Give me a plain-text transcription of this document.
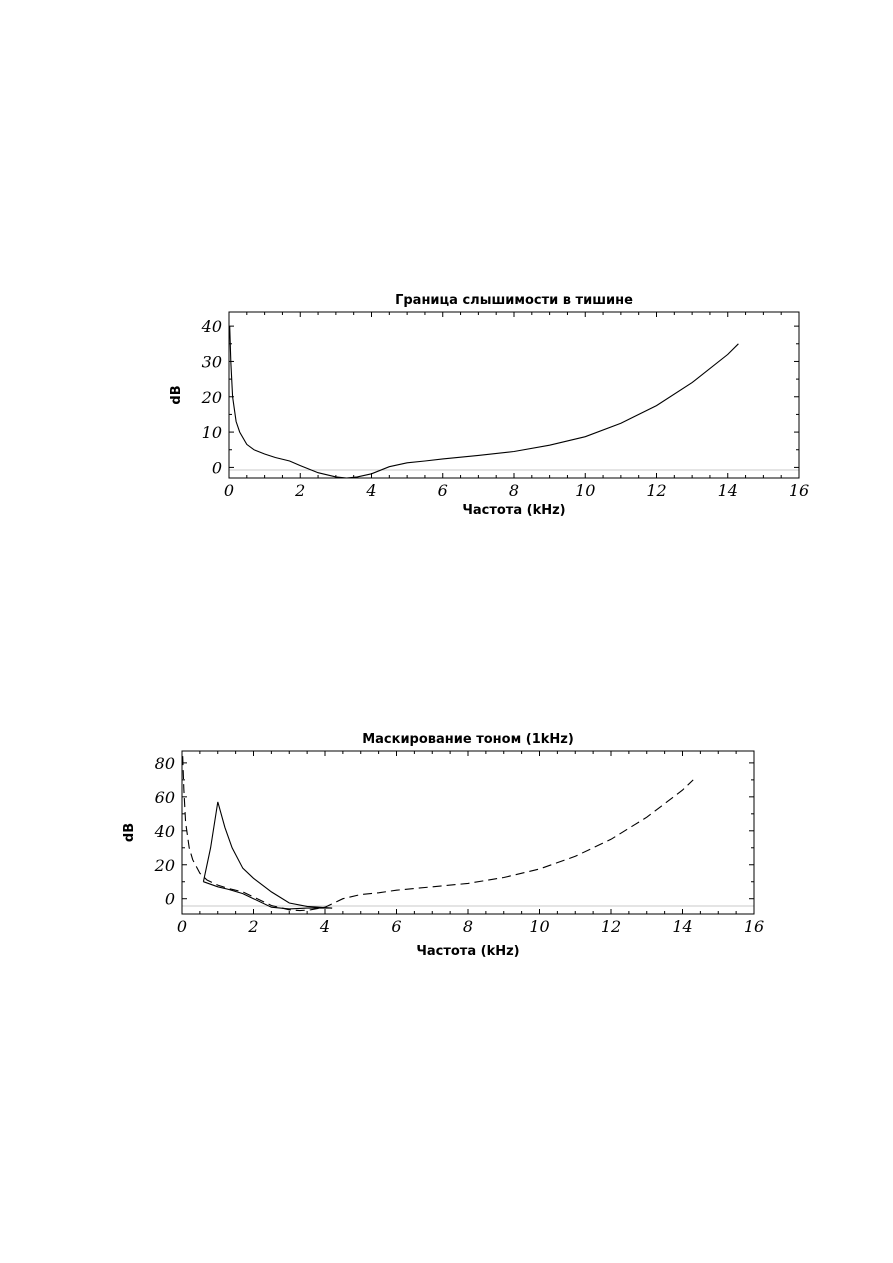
0	2	4	6	8	10	12	14	16
0
10
20
30
40
Граница слышимости в тишине
Частота (kHz)
dB
0	2	4	6	8	10	12	14	16
0
20
40
60
80
Маскирование тоном (1kHz)
Частота (kHz)
dB
